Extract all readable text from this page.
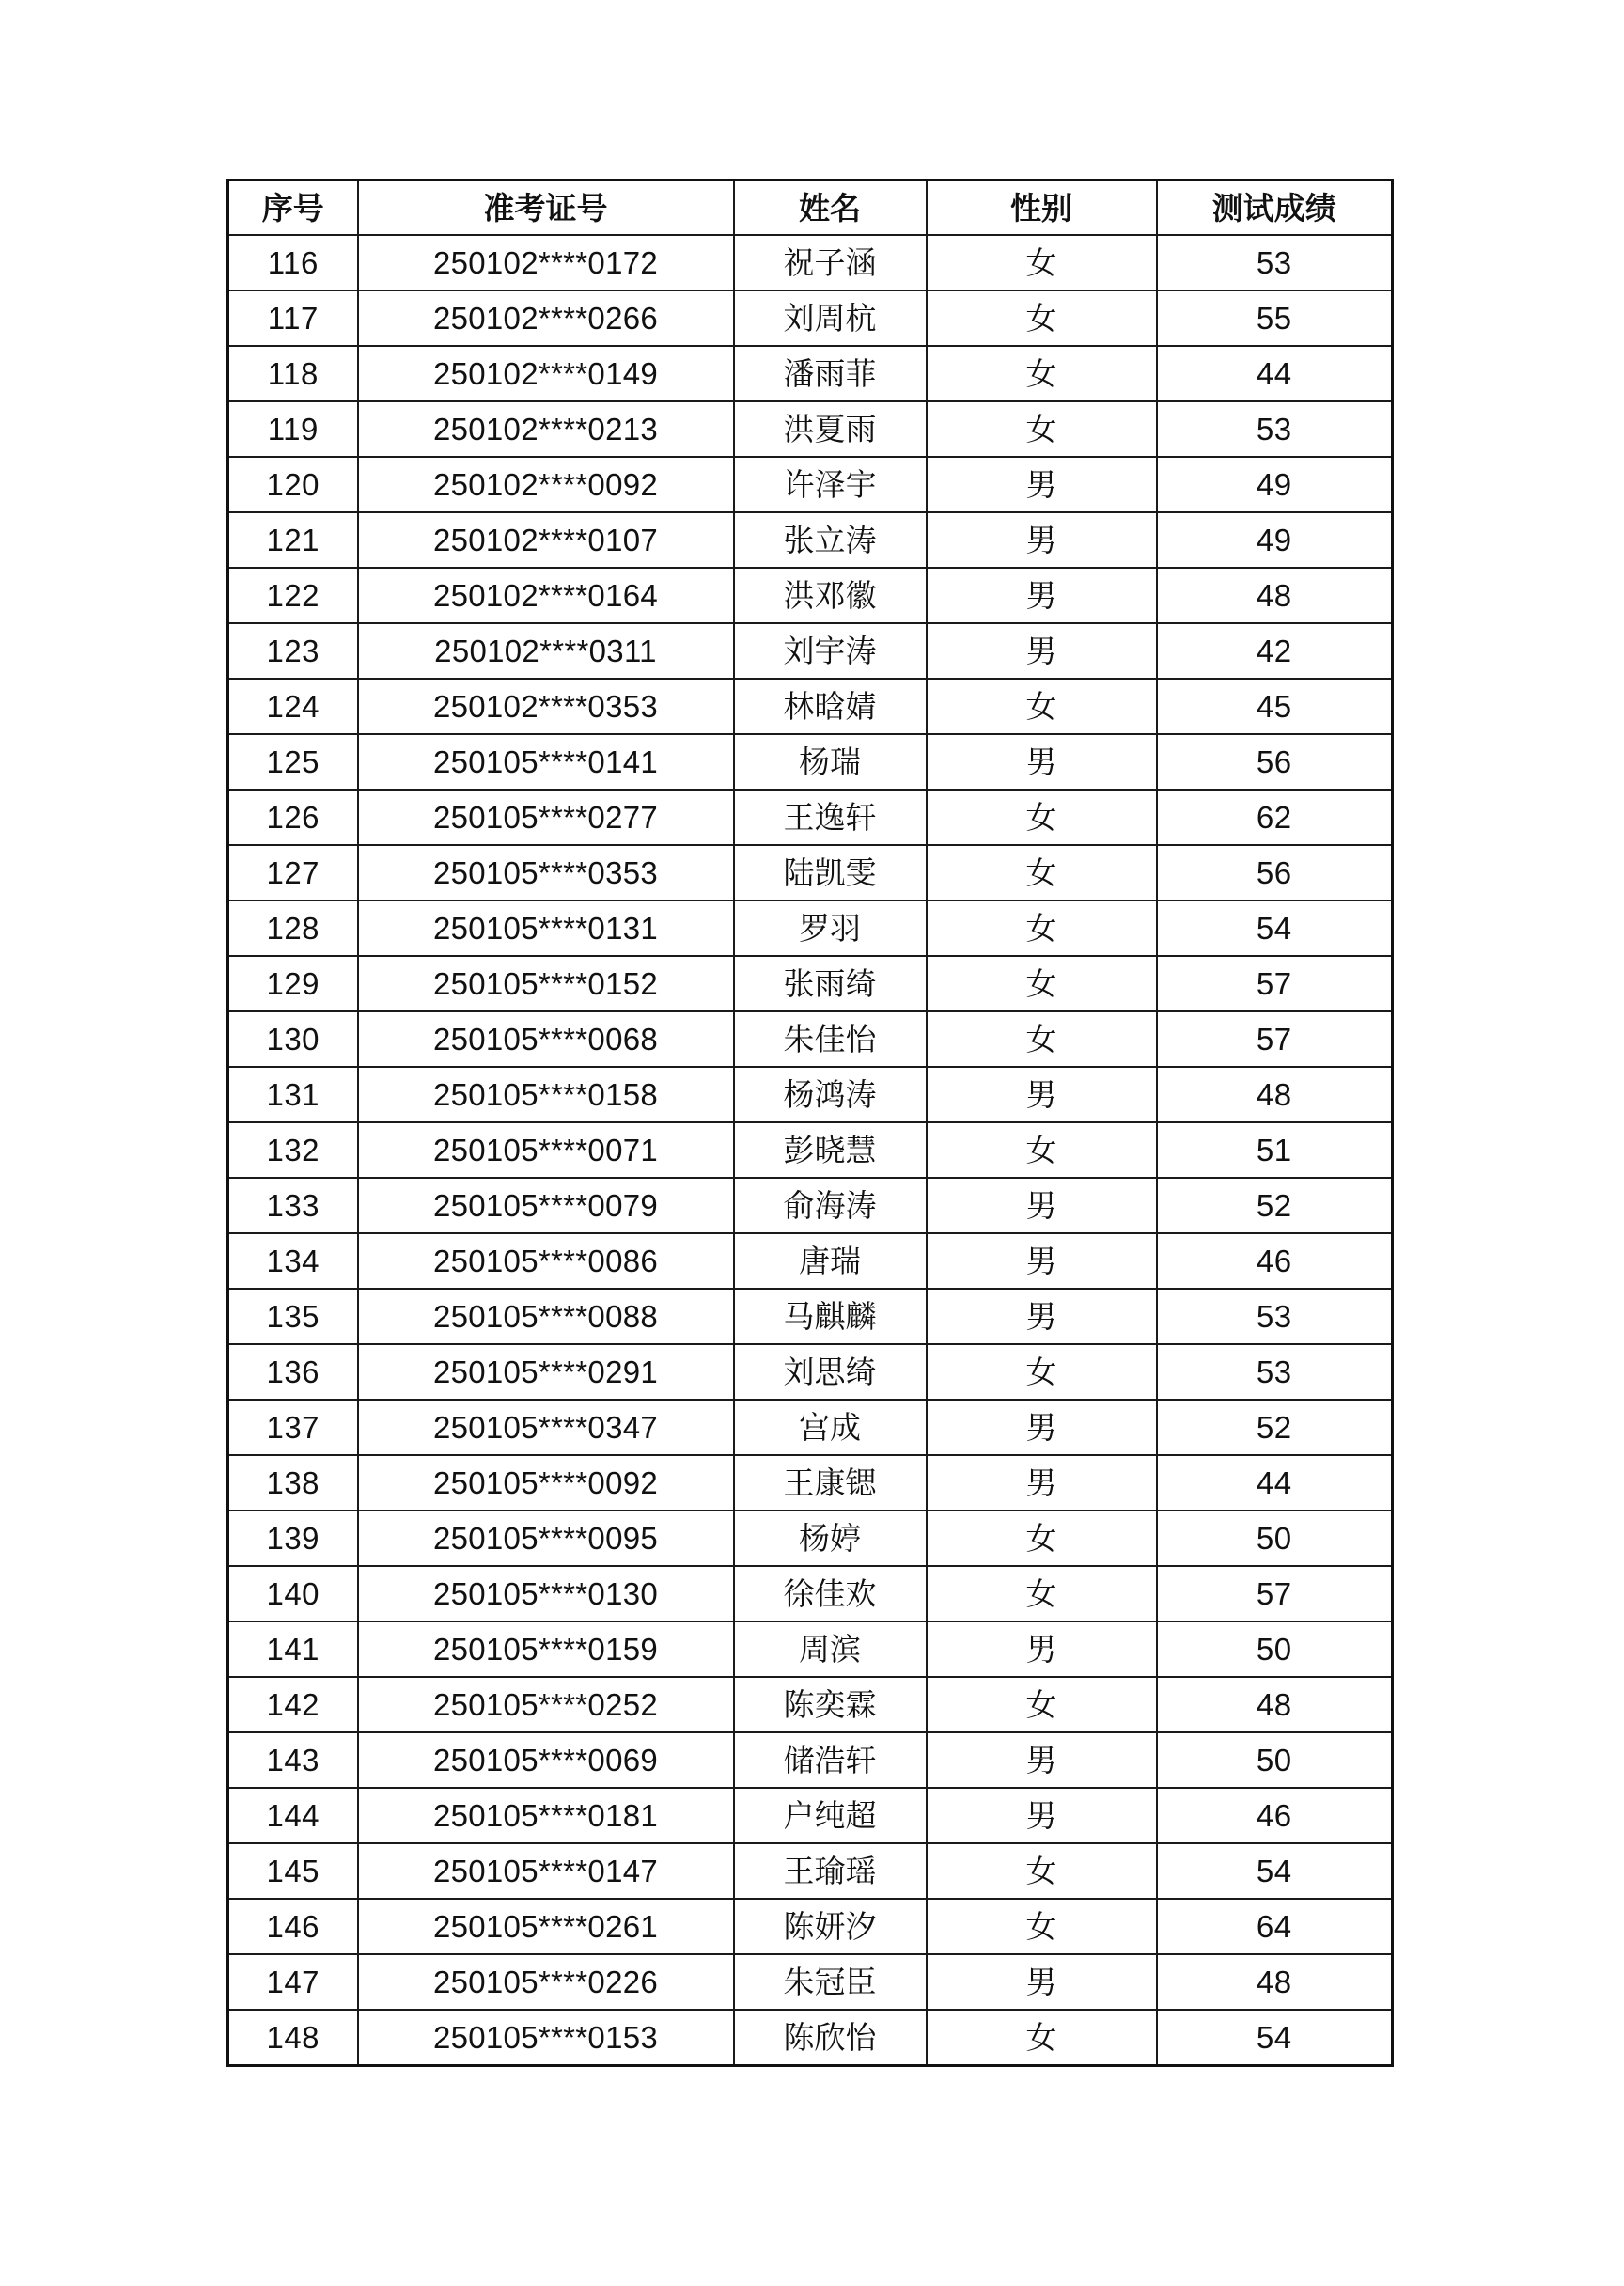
序号	准考证号	姓名	性别	测试成绩
116	250102****0172	祝子涵	女	53
117	250102****0266	刘周杭	女	55
118	250102****0149	潘雨菲	女	44
119	250102****0213	洪夏雨	女	53
120	250102****0092	许泽宇	男	49
121	250102****0107	张立涛	男	49
122	250102****0164	洪邓徽	男	48
123	250102****0311	刘宇涛	男	42
124	250102****0353	林晗婧	女	45
125	250105****0141	杨瑞	男	56
126	250105****0277	王逸轩	女	62
127	250105****0353	陆凯雯	女	56
128	250105****0131	罗羽	女	54
129	250105****0152	张雨绮	女	57
130	250105****0068	朱佳怡	女	57
131	250105****0158	杨鸿涛	男	48
132	250105****0071	彭晓慧	女	51
133	250105****0079	俞海涛	男	52
134	250105****0086	唐瑞	男	46
135	250105****0088	马麒麟	男	53
136	250105****0291	刘思绮	女	53
137	250105****0347	宫成	男	52
138	250105****0092	王康锶	男	44
139	250105****0095	杨婷	女	50
140	250105****0130	徐佳欢	女	57
141	250105****0159	周滨	男	50
142	250105****0252	陈奕霖	女	48
143	250105****0069	储浩轩	男	50
144	250105****0181	户纯超	男	46
145	250105****0147	王瑜瑶	女	54
146	250105****0261	陈妍汐	女	64
147	250105****0226	朱冠臣	男	48
148	250105****0153	陈欣怡	女	54
